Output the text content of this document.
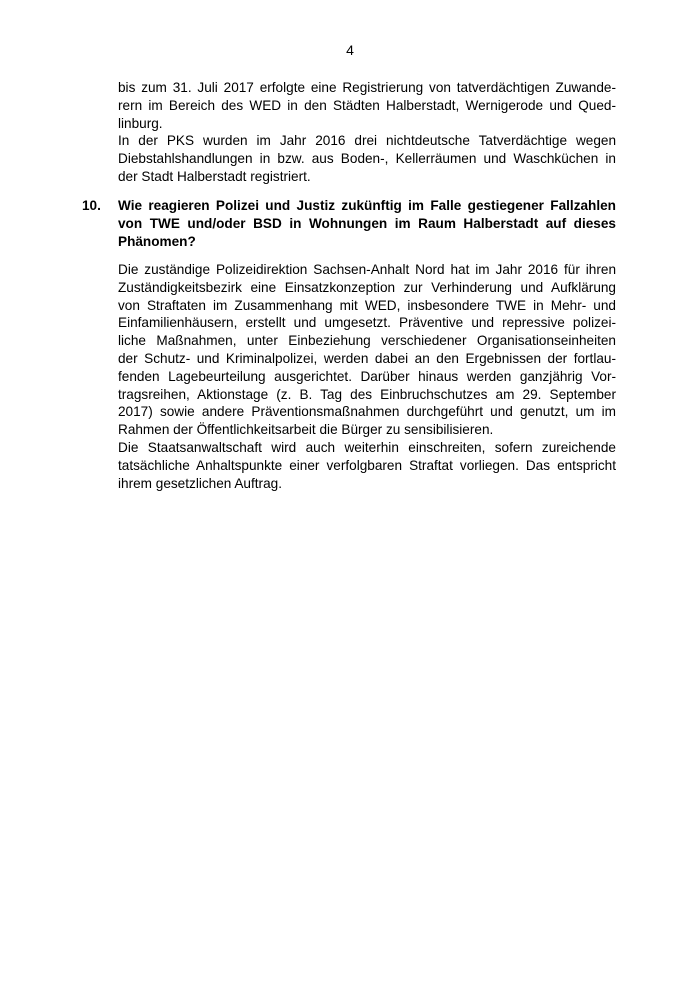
4
bis zum 31. Juli 2017 erfolgte eine Registrierung von tatverdächtigen Zuwande-
rern im Bereich des WED in den Städten Halberstadt, Wernigerode und Qued-
linburg.
In der PKS wurden im Jahr 2016 drei nichtdeutsche Tatverdächtige wegen
Diebstahlshandlungen in bzw. aus Boden-, Kellerräumen und Waschküchen in
der Stadt Halberstadt registriert.
10. Wie reagieren Polizei und Justiz zukünftig im Falle gestiegener Fallzahlen
von TWE und/oder BSD in Wohnungen im Raum Halberstadt auf dieses
Phänomen?
Die zuständige Polizeidirektion Sachsen-Anhalt Nord hat im Jahr 2016 für ihren
Zuständigkeitsbezirk eine Einsatzkonzeption zur Verhinderung und Aufklärung
von Straftaten im Zusammenhang mit WED, insbesondere TWE in Mehr- und
Einfamilienhäusern, erstellt und umgesetzt. Präventive und repressive polizei-
liche Maßnahmen, unter Einbeziehung verschiedener Organisationseinheiten
der Schutz- und Kriminalpolizei, werden dabei an den Ergebnissen der fortlau-
fenden Lagebeurteilung ausgerichtet. Darüber hinaus werden ganzjährig Vor-
tragsreihen, Aktionstage (z. B. Tag des Einbruchschutzes am 29. September
2017) sowie andere Präventionsmaßnahmen durchgeführt und genutzt, um im
Rahmen der Öffentlichkeitsarbeit die Bürger zu sensibilisieren.
Die Staatsanwaltschaft wird auch weiterhin einschreiten, sofern zureichende
tatsächliche Anhaltspunkte einer verfolgbaren Straftat vorliegen. Das entspricht
ihrem gesetzlichen Auftrag.
